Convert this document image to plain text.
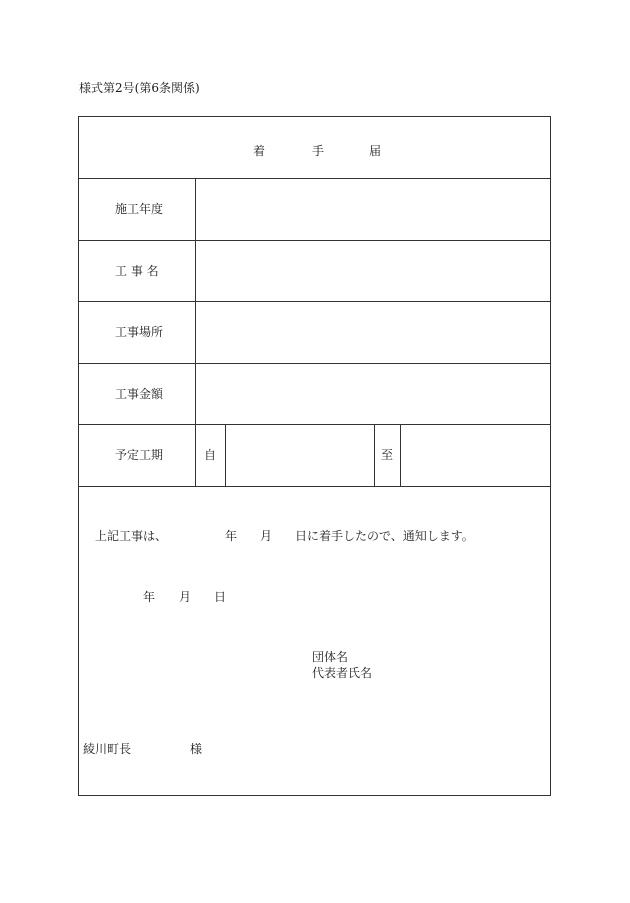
様式第2号(第6条関係)
着	手	届
施工年度
工 事 名
工事場所
工事金額
予定工期	自	至
上記工事は、	年 月 日に着手したので、通知します。
年 月 日
団体名
代表者氏名
綾川町長	様
